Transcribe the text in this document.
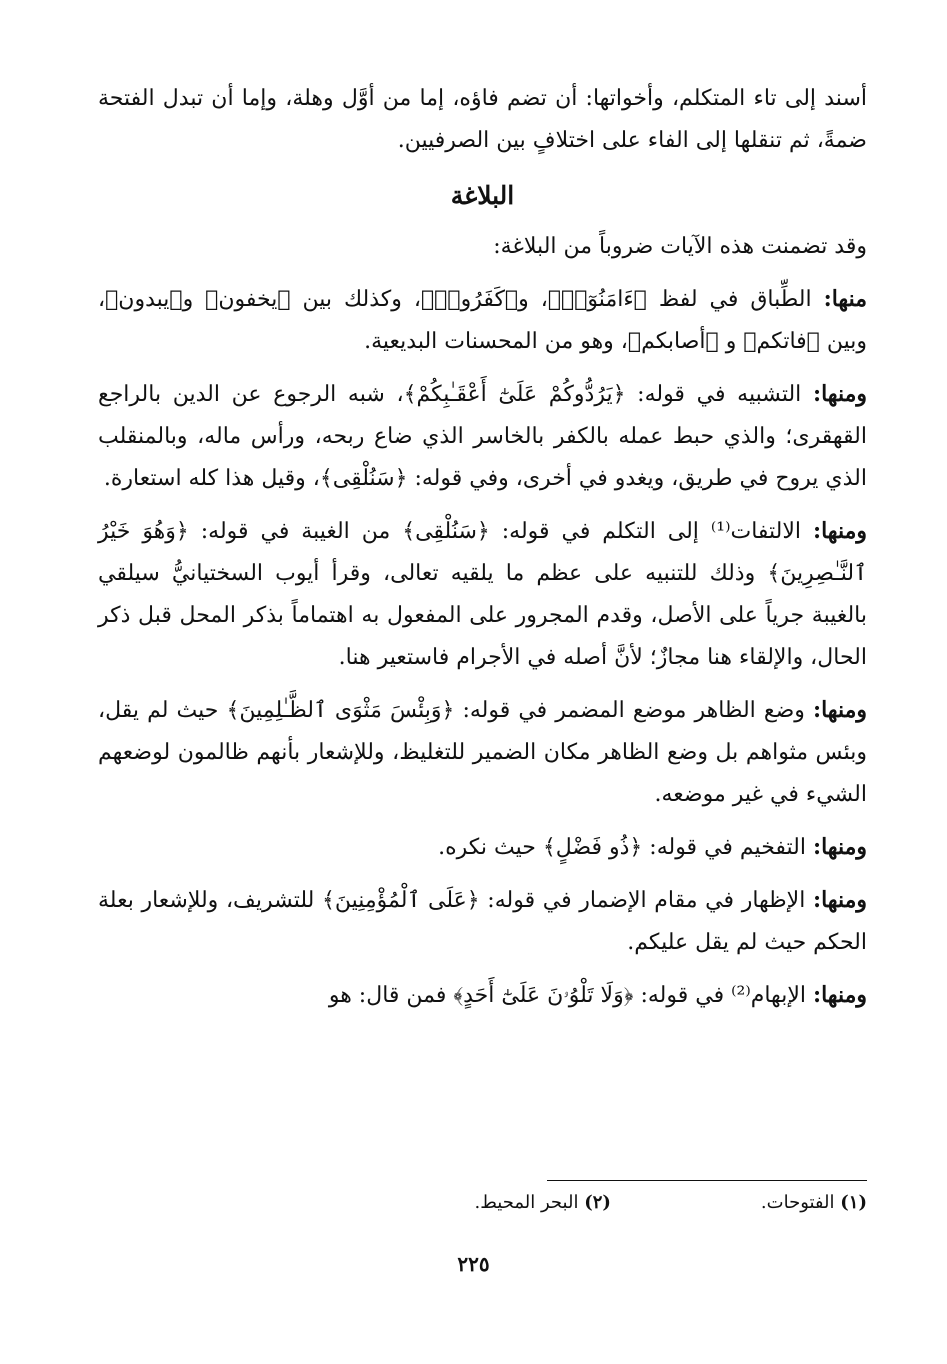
أسند إلى تاء المتكلم، وأخواتها: أن تضم فاؤه، إما من أوَّل وهلة، وإما أن تبدل الفتحة ضمةً، ثم تنقلها إلى الفاء على اختلافٍ بين الصرفيين.

البلاغة

وقد تضمنت هذه الآيات ضروباً من البلاغة:

منها: الطِّباق في لفظ ﴿ءَامَنُوٓا۟﴾، و﴿كَفَرُوا۟﴾، وكذلك بين ﴿يخفون﴾ و﴿يبدون﴾، وبين ﴿فاتكم﴾ و ﴿أصابكم﴾، وهو من المحسنات البديعية.

ومنها: التشبيه في قوله: ﴿يَرُدُّوكُمْ عَلَىٰٓ أَعْقَـٰبِكُمْ﴾، شبه الرجوع عن الدين بالراجع القهقرى؛ والذي حبط عمله بالكفر بالخاسر الذي ضاع ربحه، ورأس ماله، وبالمنقلب الذي يروح في طريق، ويغدو في أخرى، وفي قوله: ﴿سَنُلْقِى﴾، وقيل هذا كله استعارة.

ومنها: الالتفات⁽¹⁾ إلى التكلم في قوله: ﴿سَنُلْقِى﴾ من الغيبة في قوله: ﴿وَهُوَ خَيْرُ ٱلنَّـٰصِرِينَ﴾ وذلك للتنبيه على عظم ما يلقيه تعالى، وقرأ أيوب السختيانيُّ سيلقي بالغيبة جرياً على الأصل، وقدم المجرور على المفعول به اهتماماً بذكر المحل قبل ذكر الحال، والإلقاء هنا مجازٌ؛ لأنَّ أصله في الأجرام فاستعير هنا.

ومنها: وضع الظاهر موضع المضمر في قوله: ﴿وَبِئْسَ مَثْوَى ٱلظَّـٰلِمِينَ﴾ حيث لم يقل، وبئس مثواهم بل وضع الظاهر مكان الضمير للتغليظ، وللإشعار بأنهم ظالمون لوضعهم الشيء في غير موضعه.

ومنها: التفخيم في قوله: ﴿ذُو فَضْلٍ﴾ حيث نكره.

ومنها: الإظهار في مقام الإضمار في قوله: ﴿عَلَى ٱلْمُؤْمِنِينَ﴾ للتشريف، وللإشعار بعلة الحكم حيث لم يقل عليكم.

ومنها: الإبهام⁽²⁾ في قوله: ﴿وَلَا تَلْوُۥنَ عَلَىٰٓ أَحَدٍ﴾ فمن قال: هو

(١) الفتوحات.
(٢) البحر المحيط.
٢٢٥
